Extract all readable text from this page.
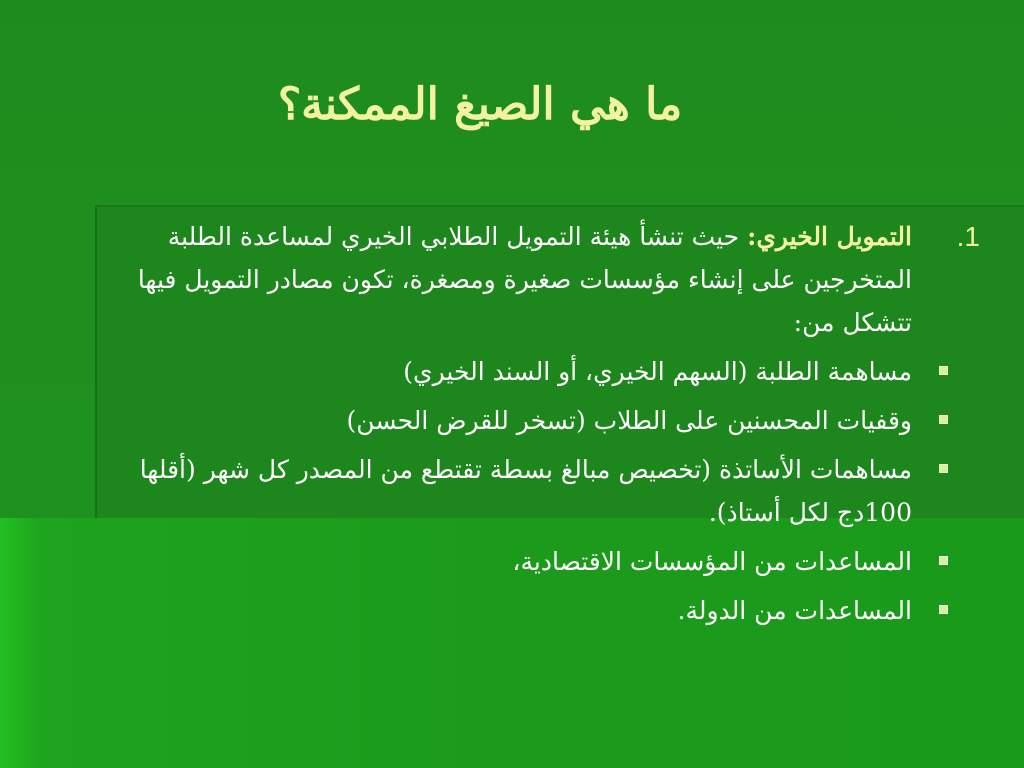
ما هي الصيغ الممكنة؟
1.
التمويل الخيري: حيث تنشأ هيئة التمويل الطلابي الخيري لمساعدة الطلبة المتخرجين على إنشاء مؤسسات صغيرة ومصغرة، تكون مصادر التمويل فيها تتشكل من:
مساهمة الطلبة (السهم الخيري، أو السند الخيري)
وقفيات المحسنين على الطلاب (تسخر للقرض الحسن)
مساهمات الأساتذة (تخصيص مبالغ بسطة تقتطع من المصدر كل شهر (أقلها 100دج لكل أستاذ).
المساعدات من المؤسسات الاقتصادية،
المساعدات من الدولة.
